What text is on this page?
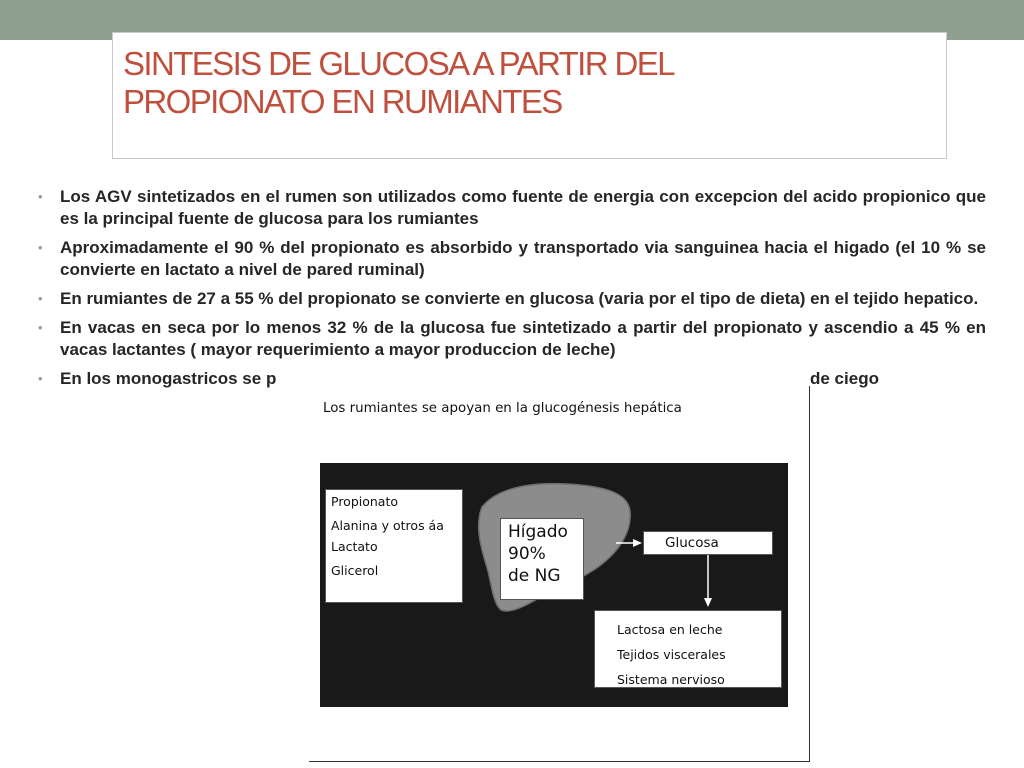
SINTESIS DE GLUCOSA A PARTIR DEL
PROPIONATO EN RUMIANTES
• Los AGV sintetizados en el rumen son utilizados como fuente de energia con excepcion del acido propionico que es la principal fuente de glucosa para los rumiantes
• Aproximadamente el 90 % del propionato es absorbido y transportado via sanguinea hacia el higado (el 10 % se convierte en lactato a nivel de pared ruminal)
• En rumiantes de 27 a 55 % del propionato se convierte en glucosa (varia por el tipo de dieta) en el tejido hepatico.
• En vacas en seca por lo menos 32 % de la glucosa fue sintetizado a partir del propionato y ascendio a 45 % en vacas lactantes ( mayor requerimiento a mayor produccion de leche)
• En los monogastricos se p	de ciego
Los rumiantes se apoyan en la glucogénesis hepática
Propionato
Alanina y otros áa
Lactato
Glicerol
Hígado
90%
de NG
Glucosa
Lactosa en leche
Tejidos viscerales
Sistema nervioso
